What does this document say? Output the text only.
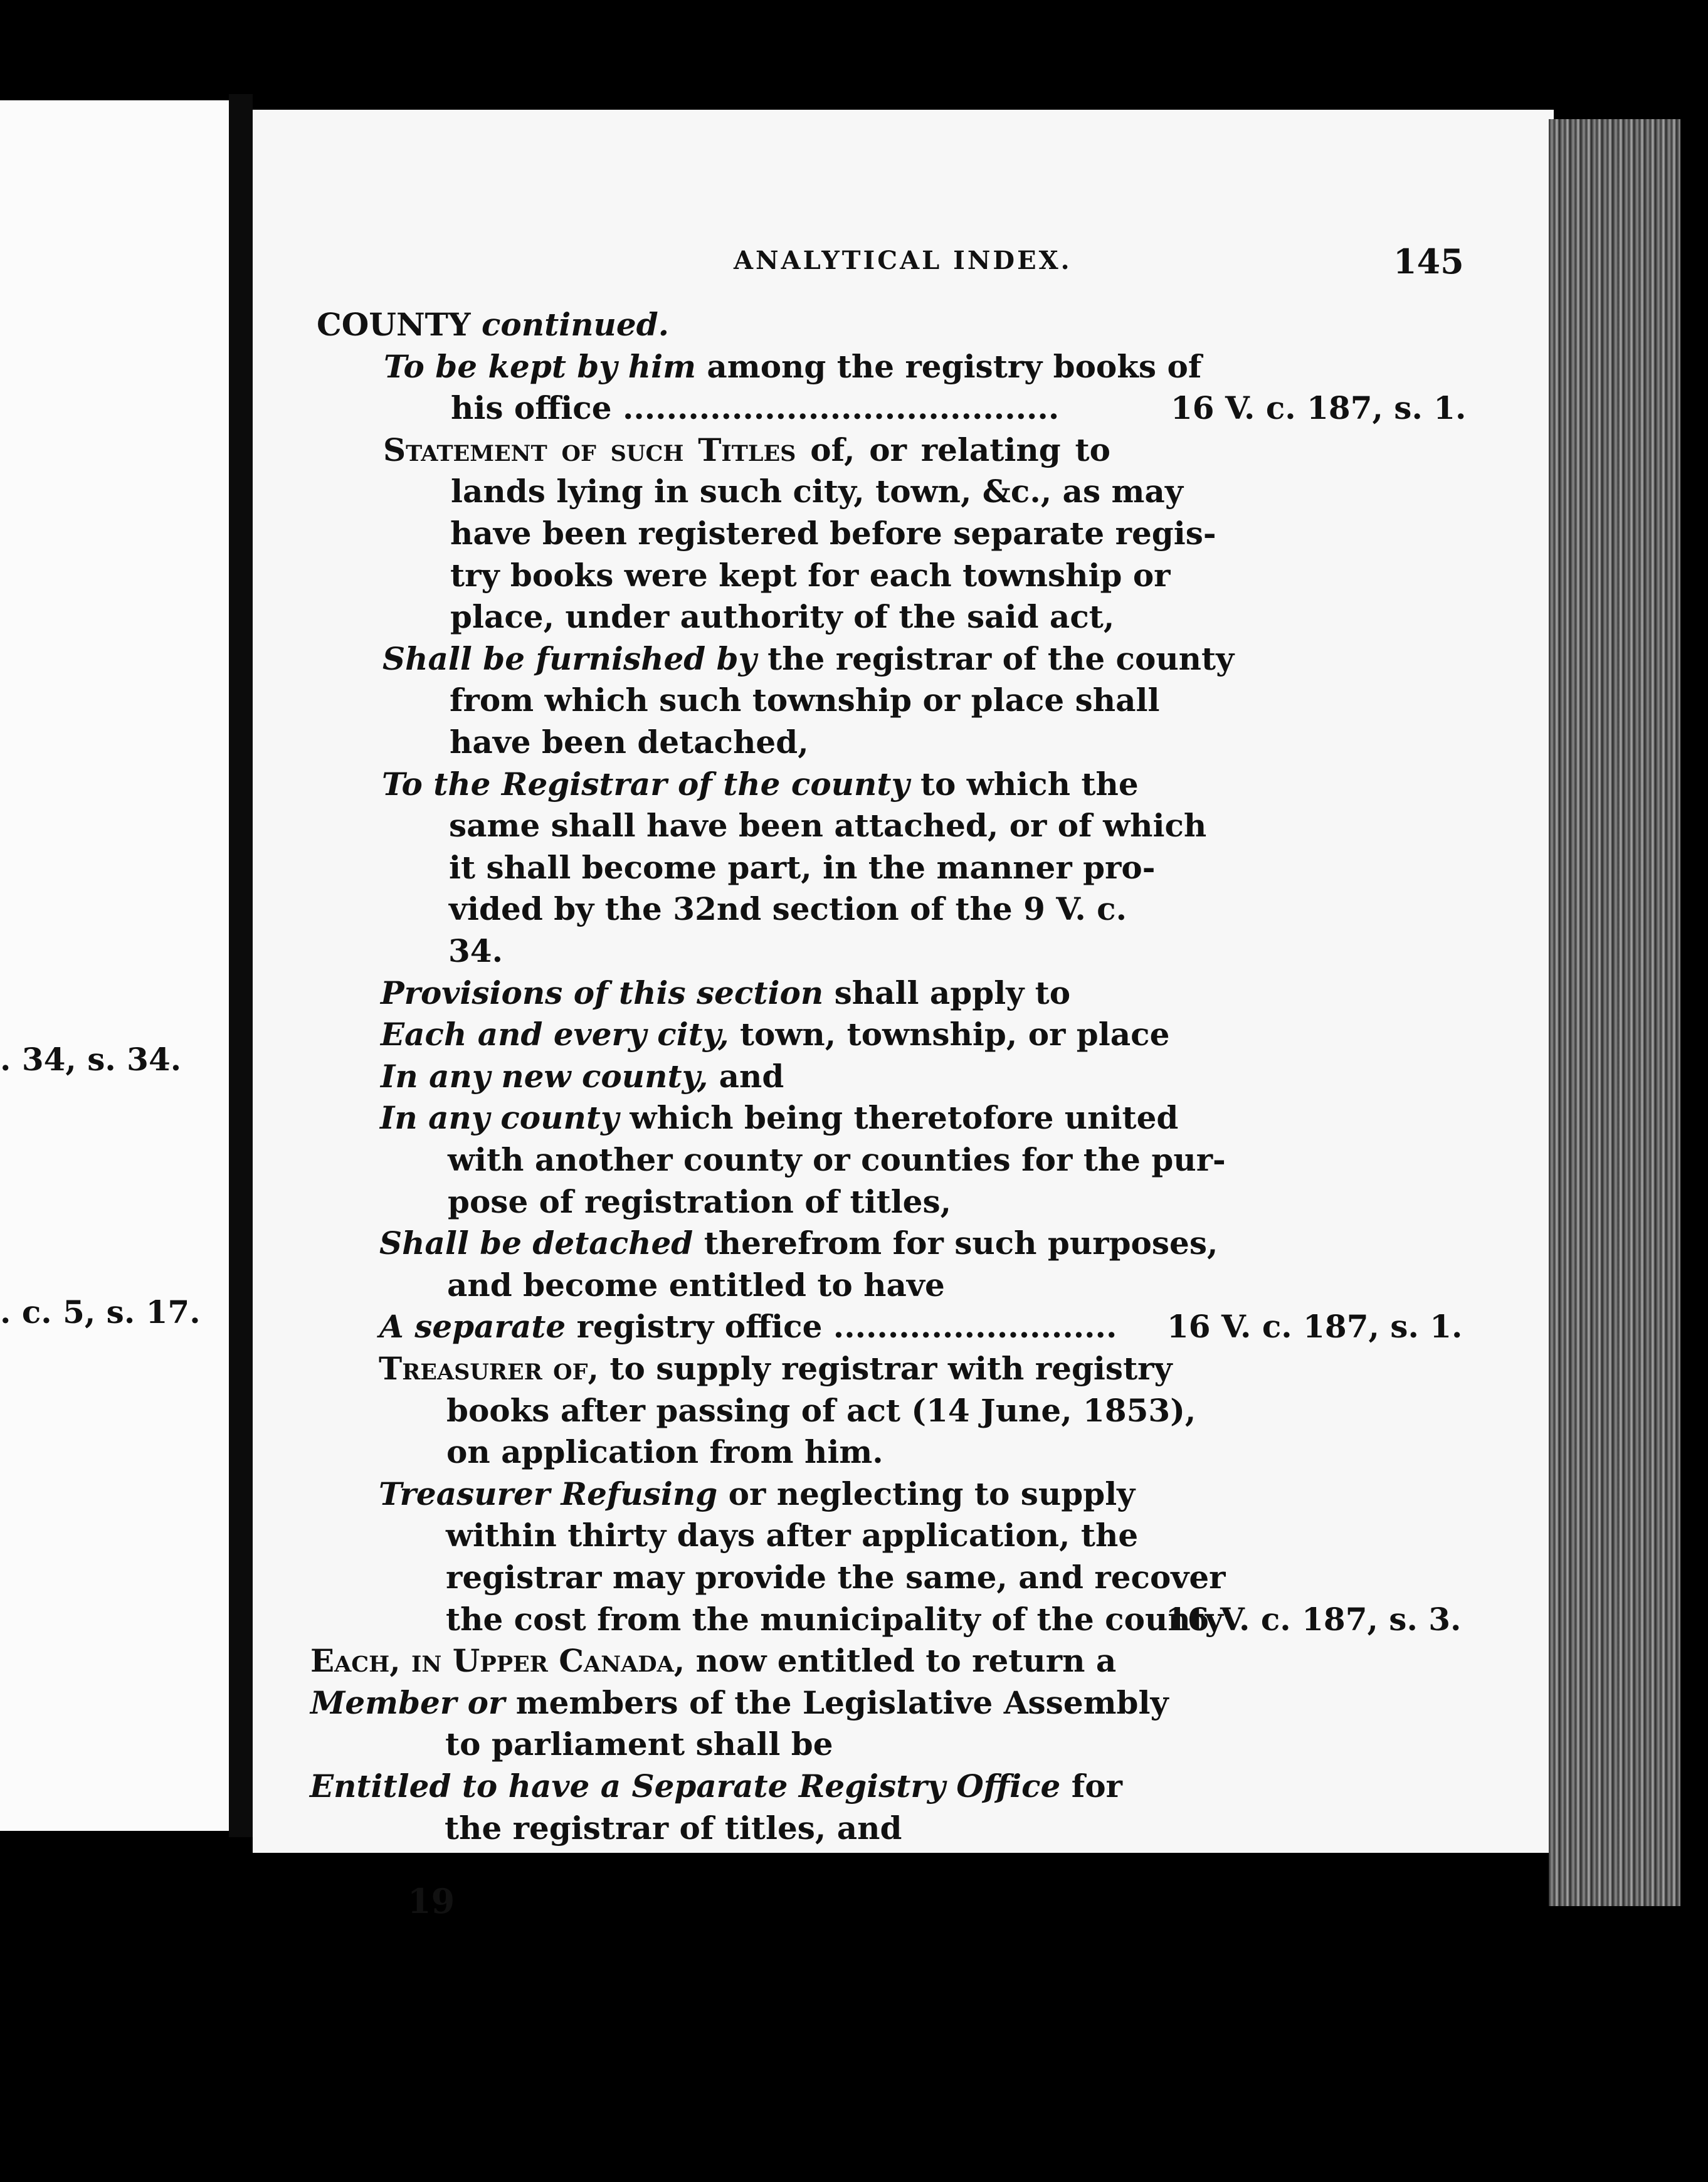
. 34, s. 34.
. c. 5, s. 17.
ANALYTICAL INDEX.	145
COUNTY continued.
To be kept by him among the registry books of
his office ........................................	16 V. c. 187, s. 1.
Statement of such Titles of, or relating to
lands lying in such city, town, &c., as may
have been registered before separate regis-
try books were kept for each township or
place, under authority of the said act,
Shall be furnished by the registrar of the county
from which such township or place shall
have been detached,
To the Registrar of the county to which the
same shall have been attached, or of which
it shall become part, in the manner pro-
vided by the 32nd section of the 9 V. c.
34.
Provisions of this section shall apply to
Each and every city, town, township, or place
In any new county, and
In any county which being theretofore united
with another county or counties for the pur-
pose of registration of titles,
Shall be detached therefrom for such purposes,
and become entitled to have
A separate registry office .......................... 16 V. c. 187, s. 1.
Treasurer of, to supply registrar with registry
books after passing of act (14 June, 1853),
on application from him.
Treasurer Refusing or neglecting to supply
within thirty days after application, the
registrar may provide the same, and recover
the cost from the municipality of the county
16 V. c. 187, s. 3.
Each, in Upper Canada, now entitled to return a
Member or members of the Legislative Assembly
to parliament shall be
Entitled to have a Separate Registry Office for
the registrar of titles, and
19
